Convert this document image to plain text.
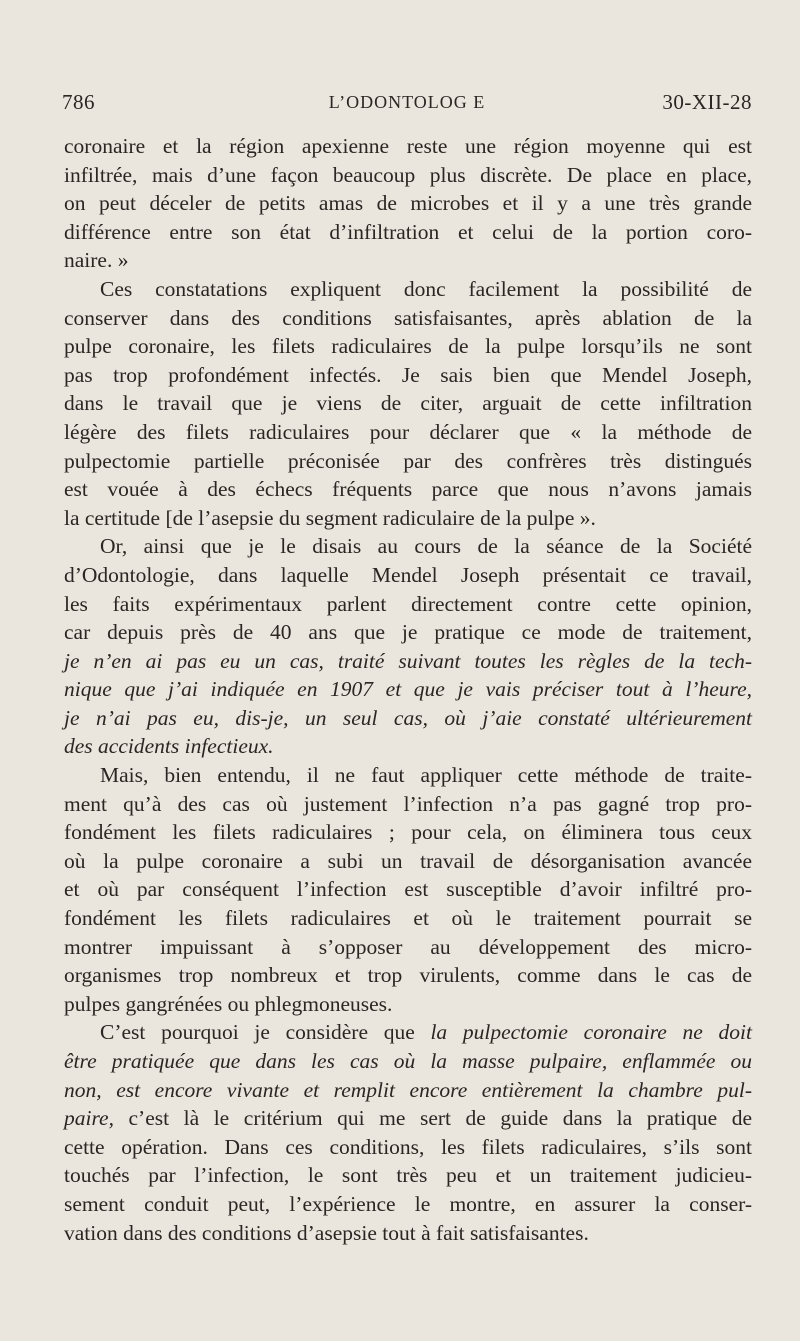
786	L’ODONTOLOG E	30-XII-28
coronaire et la région apexienne reste une région moyenne qui est
infiltrée, mais d’une façon beaucoup plus discrète. De place en place,
on peut déceler de petits amas de microbes et il y a une très grande
différence entre son état d’infiltration et celui de la portion coro-
naire. »
Ces constatations expliquent donc facilement la possibilité de
conserver dans des conditions satisfaisantes, après ablation de la
pulpe coronaire, les filets radiculaires de la pulpe lorsqu’ils ne sont
pas trop profondément infectés. Je sais bien que Mendel Joseph,
dans le travail que je viens de citer, arguait de cette infiltration
légère des filets radiculaires pour déclarer que « la méthode de
pulpectomie partielle préconisée par des confrères très distingués
est vouée à des échecs fréquents parce que nous n’avons jamais
la certitude [de l’asepsie du segment radiculaire de la pulpe ».
Or, ainsi que je le disais au cours de la séance de la Société
d’Odontologie, dans laquelle Mendel Joseph présentait ce travail,
les faits expérimentaux parlent directement contre cette opinion,
car depuis près de 40 ans que je pratique ce mode de traitement,
je n’en ai pas eu un cas, traité suivant toutes les règles de la tech-
nique que j’ai indiquée en 1907 et que je vais préciser tout à l’heure,
je n’ai pas eu, dis-je, un seul cas, où j’aie constaté ultérieurement
des accidents infectieux.
Mais, bien entendu, il ne faut appliquer cette méthode de traite-
ment qu’à des cas où justement l’infection n’a pas gagné trop pro-
fondément les filets radiculaires ; pour cela, on éliminera tous ceux
où la pulpe coronaire a subi un travail de désorganisation avancée
et où par conséquent l’infection est susceptible d’avoir infiltré pro-
fondément les filets radiculaires et où le traitement pourrait se
montrer impuissant à s’opposer au développement des micro-
organismes trop nombreux et trop virulents, comme dans le cas de
pulpes gangrénées ou phlegmoneuses.
C’est pourquoi je considère que la pulpectomie coronaire ne doit
être pratiquée que dans les cas où la masse pulpaire, enflammée ou
non, est encore vivante et remplit encore entièrement la chambre pul-
paire, c’est là le critérium qui me sert de guide dans la pratique de
cette opération. Dans ces conditions, les filets radiculaires, s’ils sont
touchés par l’infection, le sont très peu et un traitement judicieu-
sement conduit peut, l’expérience le montre, en assurer la conser-
vation dans des conditions d’asepsie tout à fait satisfaisantes.
